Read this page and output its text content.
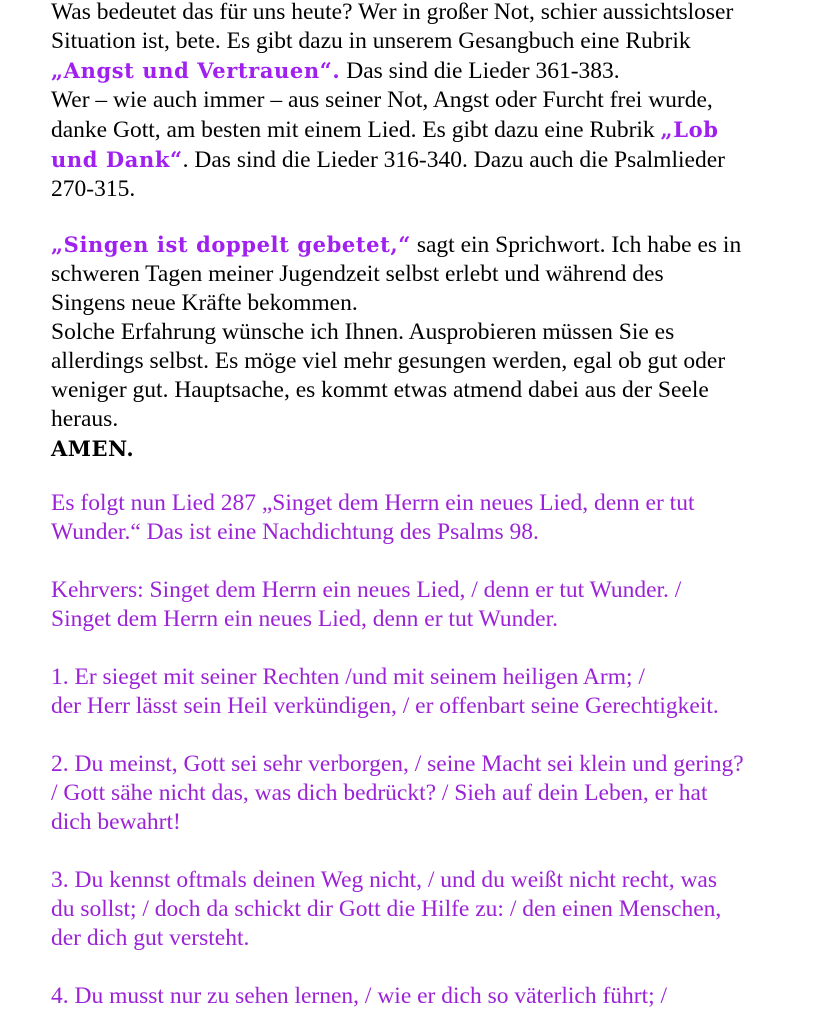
Was bedeutet das für uns heute? Wer in großer Not, schier aussichtsloser

Situation ist, bete. Es gibt dazu in unserem Gesangbuch eine Rubrik

„Angst und Vertrauen“. Das sind die Lieder 361-383.

Wer – wie auch immer – aus seiner Not, Angst oder Furcht frei wurde,

danke Gott, am besten mit einem Lied. Es gibt dazu eine Rubrik „Lob

und Dank“. Das sind die Lieder 316-340. Dazu auch die Psalmlieder

270-315.

„Singen ist doppelt gebetet,“ sagt ein Sprichwort. Ich habe es in

schweren Tagen meiner Jugendzeit selbst erlebt und während des

Singens neue Kräfte bekommen.

Solche Erfahrung wünsche ich Ihnen. Ausprobieren müssen Sie es

allerdings selbst. Es möge viel mehr gesungen werden, egal ob gut oder

weniger gut. Hauptsache, es kommt etwas atmend dabei aus der Seele

heraus.

AMEN.

Es folgt nun Lied 287 „Singet dem Herrn ein neues Lied, denn er tut

Wunder.“ Das ist eine Nachdichtung des Psalms 98.

Kehrvers: Singet dem Herrn ein neues Lied, / denn er tut Wunder. /

Singet dem Herrn ein neues Lied, denn er tut Wunder.

1. Er sieget mit seiner Rechten /und mit seinem heiligen Arm; /

der Herr lässt sein Heil verkündigen, / er offenbart seine Gerechtigkeit.

2. Du meinst, Gott sei sehr verborgen, / seine Macht sei klein und gering?

/ Gott sähe nicht das, was dich bedrückt? / Sieh auf dein Leben, er hat

dich bewahrt!

3. Du kennst oftmals deinen Weg nicht, / und du weißt nicht recht, was

du sollst; / doch da schickt dir Gott die Hilfe zu: / den einen Menschen,

der dich gut versteht.

4. Du musst nur zu sehen lernen, / wie er dich so väterlich führt; /
